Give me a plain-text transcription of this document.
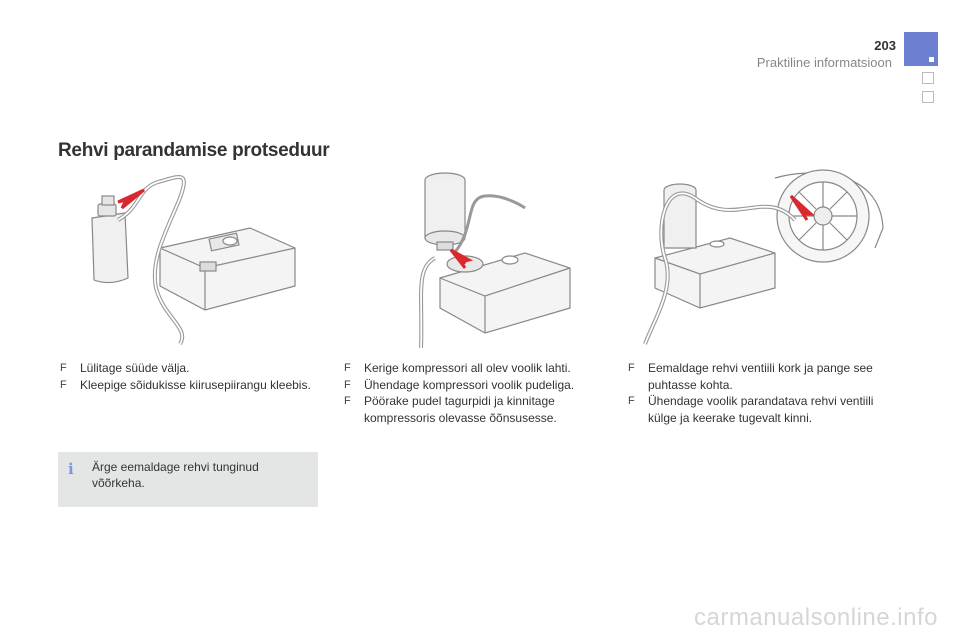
203
Praktiline informatsioon
Rehvi parandamise protseduur
F Lülitage süüde välja.
F Kleepige sõidukisse kiirusepiirangu kleebis.
F Kerige kompressori all olev voolik lahti.
F Ühendage kompressori voolik pudeliga.
F Pöörake pudel tagurpidi ja kinnitage kompressoris olevasse õõnsusesse.
F Eemaldage rehvi ventiili kork ja pange see puhtasse kohta.
F Ühendage voolik parandatava rehvi ventiili külge ja keerake tugevalt kinni.
i	Ärge eemaldage rehvi tunginud võõrkeha.
carmanualsonline.info
